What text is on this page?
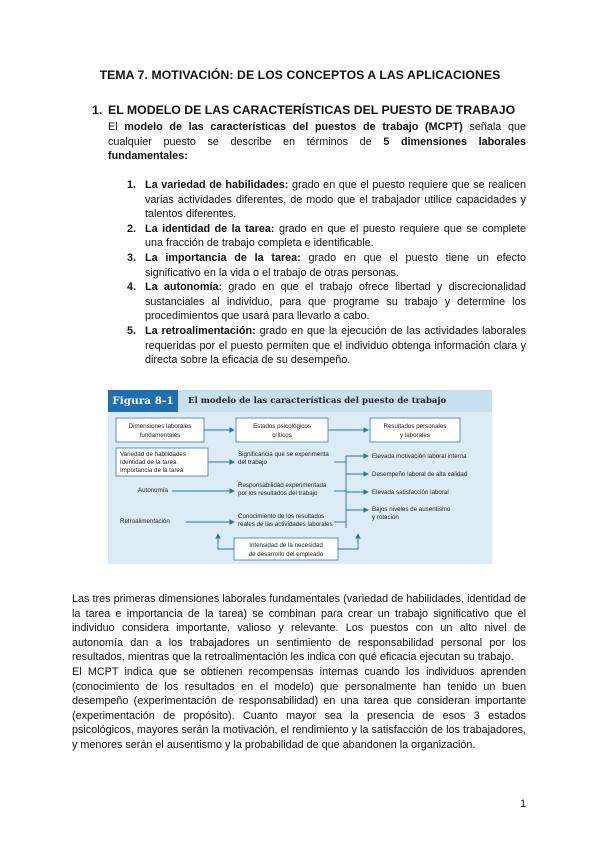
TEMA 7. MOTIVACIÓN: DE LOS CONCEPTOS A LAS APLICACIONES
1. EL MODELO DE LAS CARACTERÍSTICAS DEL PUESTO DE TRABAJO
El modelo de las características del puestos de trabajo (MCPT) señala que cualquier puesto se describe en términos de 5 dimensiones laborales fundamentales:
1. La variedad de habilidades: grado en que el puesto requiere que se realicen varias actividades diferentes, de modo que el trabajador utilice capacidades y talentos diferentes.
2. La identidad de la tarea: grado en que el puesto requiere que se complete una fracción de trabajo completa e identificable.
3. La importancia de la tarea: grado en que el puesto tiene un efecto significativo en la vida o el trabajo de otras personas.
4. La autonomía: grado en que el trabajo ofrece libertad y discrecionalidad sustanciales al individuo, para que programe su trabajo y determine los procedimientos que usará para llevarlo a cabo.
5. La retroalimentación: grado en que la ejecución de las actividades laborales requeridas por el puesto permiten que el individuo obtenga información clara y directa sobre la eficacia de su desempeño.
Figura 8-1	El modelo de las características del puesto de trabajo
Dimensiones laborales
fundamentales
Estados psicológicos
críticos
Resultados personales
y laborales
Variedad de habilidades
Identidad de la tarea
Importancia de la tarea
Autonomía
Retroalimentación
Significancia que se experimenta
del trabajo
Responsabilidad experimentada
por los resultados del trabajo
Conocimiento de los resultados
reales de las actividades laborales
Elevada motivación laboral interna
Desempeño laboral de alta calidad
Elevada satisfacción laboral
Bajos niveles de ausentismo
y rotación
Intensidad de la necesidad
de desarrollo del empleado

Las tres primeras dimensiones laborales fundamentales (variedad de habilidades, identidad de la tarea e importancia de la tarea) se combinan para crear un trabajo significativo que el individuo considera importante, valioso y relevante. Los puestos con un alto nivel de autonomía dan a los trabajadores un sentimiento de responsabilidad personal por los resultados, mientras que la retroalimentación les indica con qué eficacia ejecutan su trabajo.

El MCPT indica que se obtienen recompensas internas cuando los individuos aprenden (conocimiento de los resultados en el modelo) que personalmente han tenido un buen desempeño (experimentación de responsabilidad) en una tarea que consideran importante (experimentación de propósito). Cuanto mayor sea la presencia de esos 3 estados psicológicos, mayores serán la motivación, el rendimiento y la satisfacción de los trabajadores, y menores serán el ausentismo y la probabilidad de que abandonen la organización.

1
